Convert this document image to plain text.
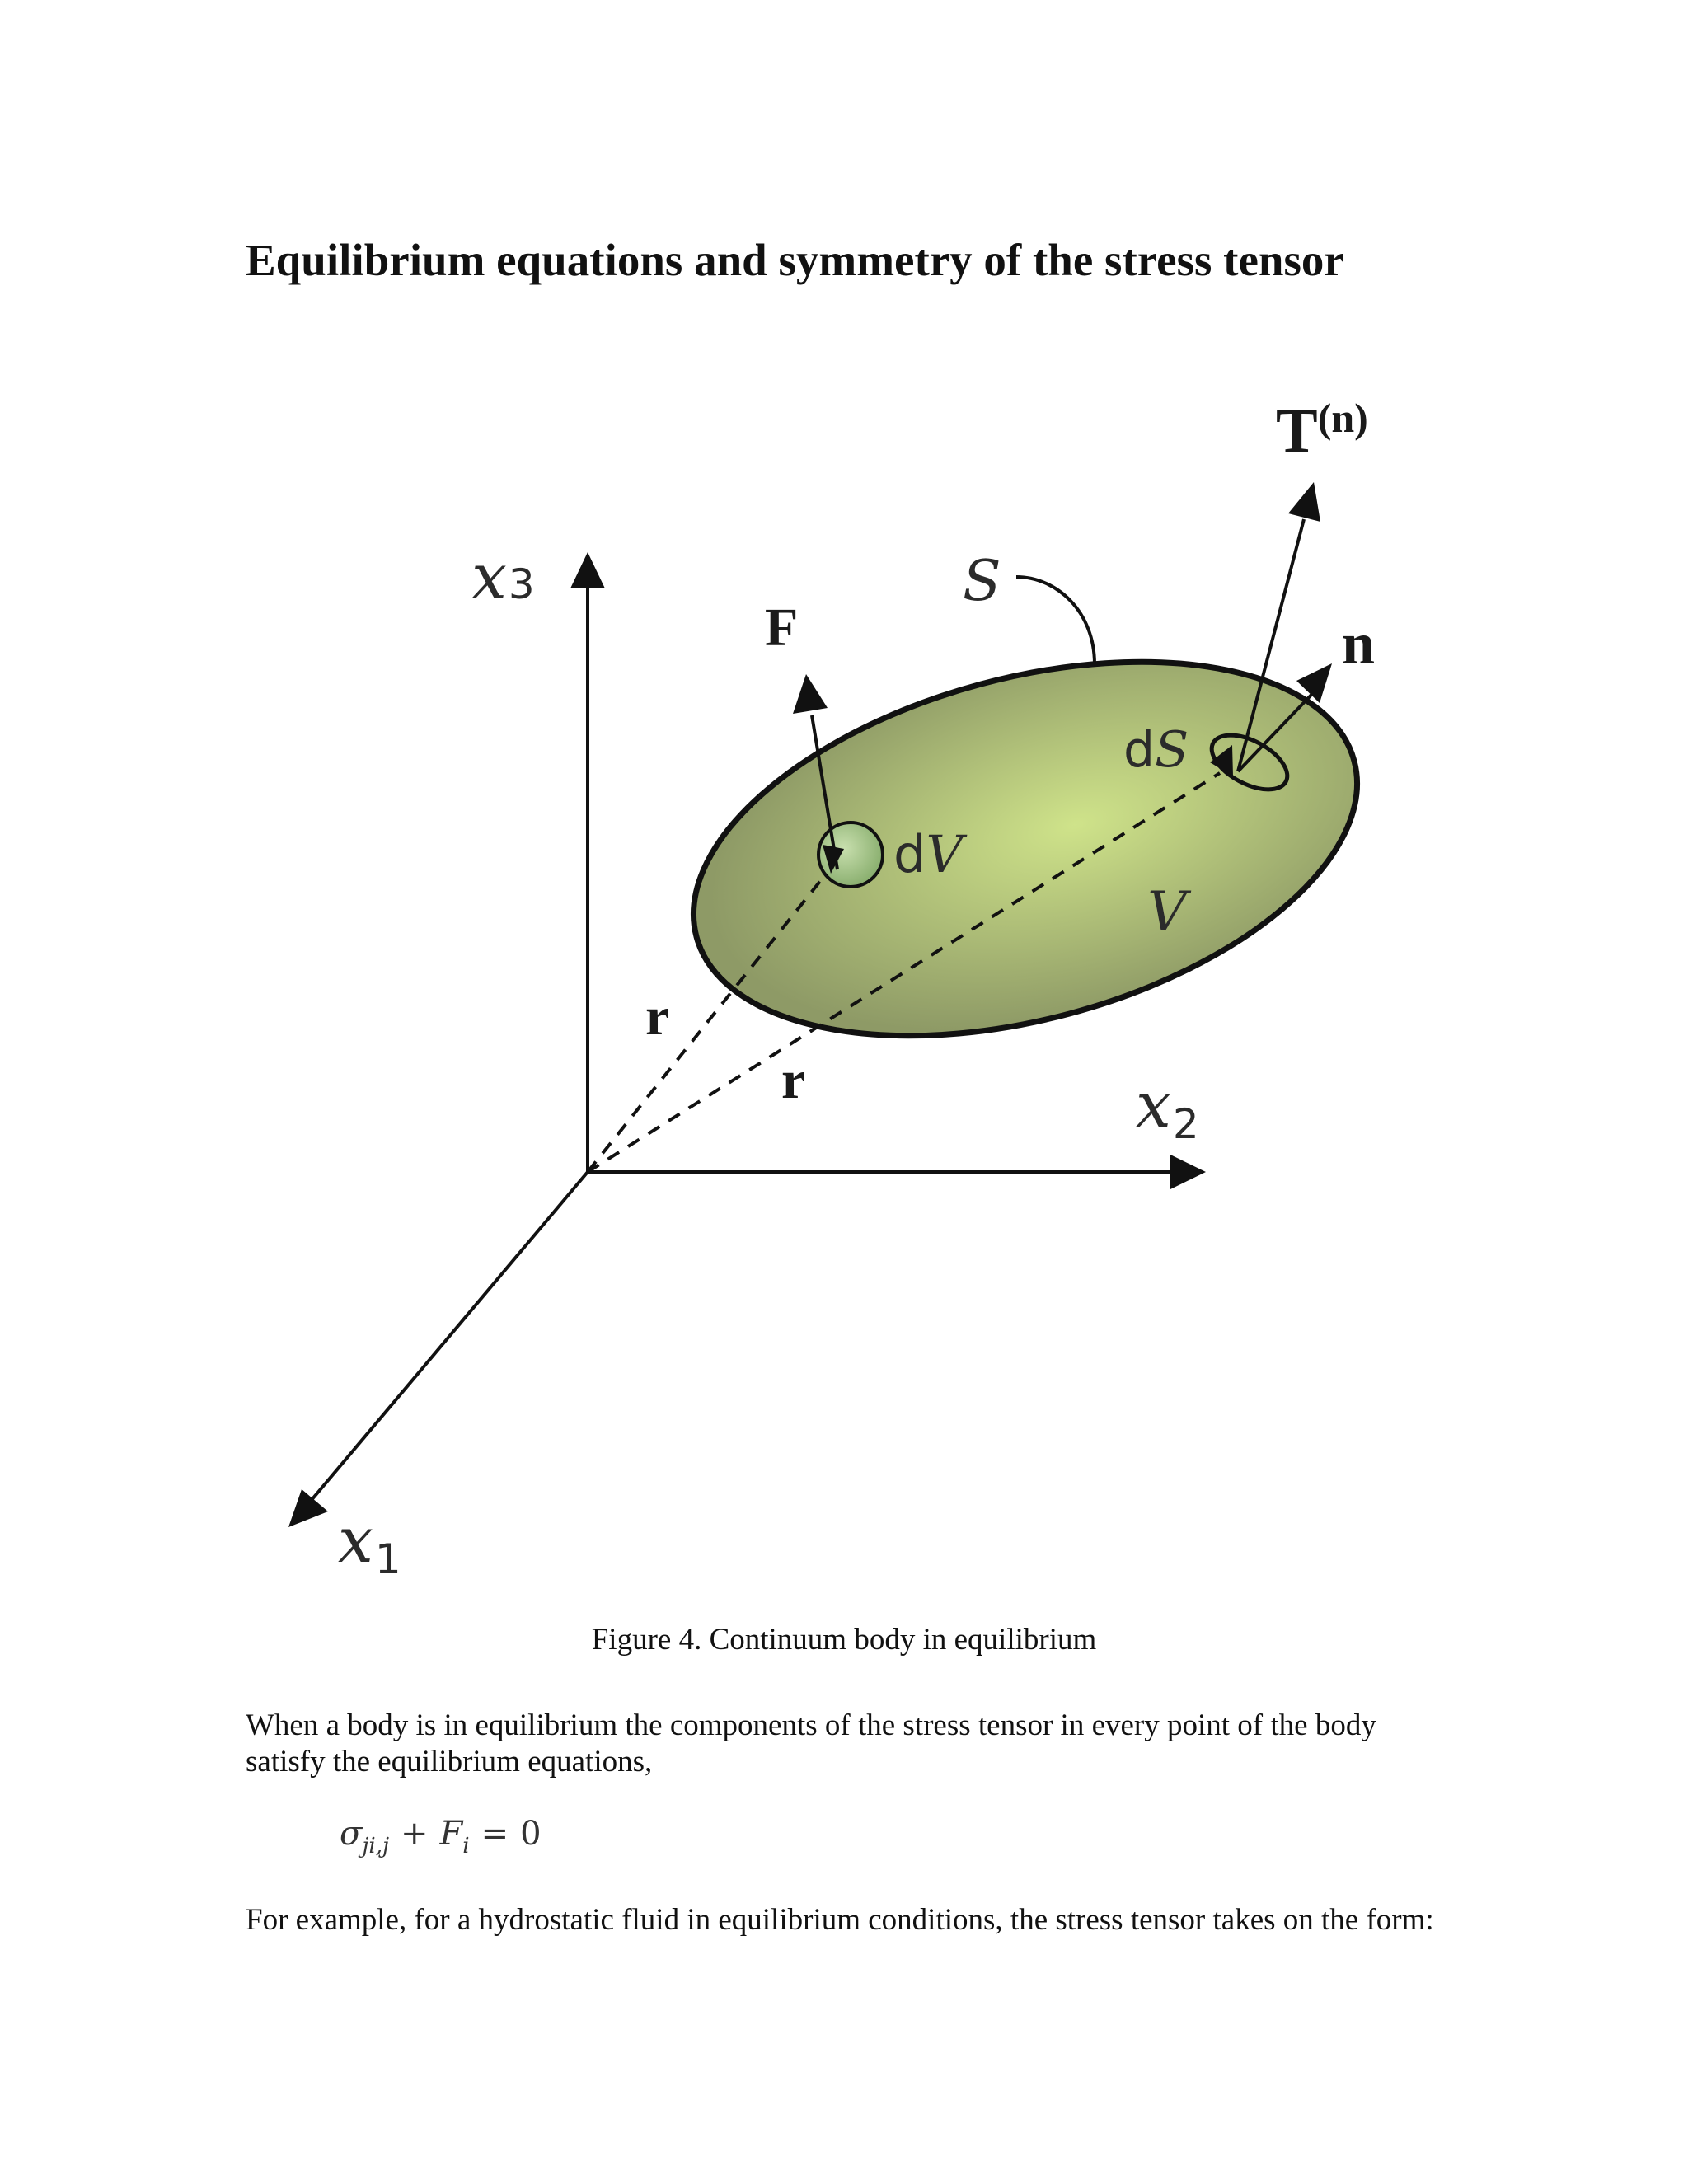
Equilibrium equations and symmetry of the stress tensor
x3
x2
x1
F
S
V
n
T(n)
dV
dS
r
r
Figure 4. Continuum body in equilibrium

When a body is in equilibrium the components of the stress tensor in every point of the body satisfy the equilibrium equations,

$\sigma_{ji,j} + F_i = 0$

For example, for a hydrostatic fluid in equilibrium conditions, the stress tensor takes on the form:
